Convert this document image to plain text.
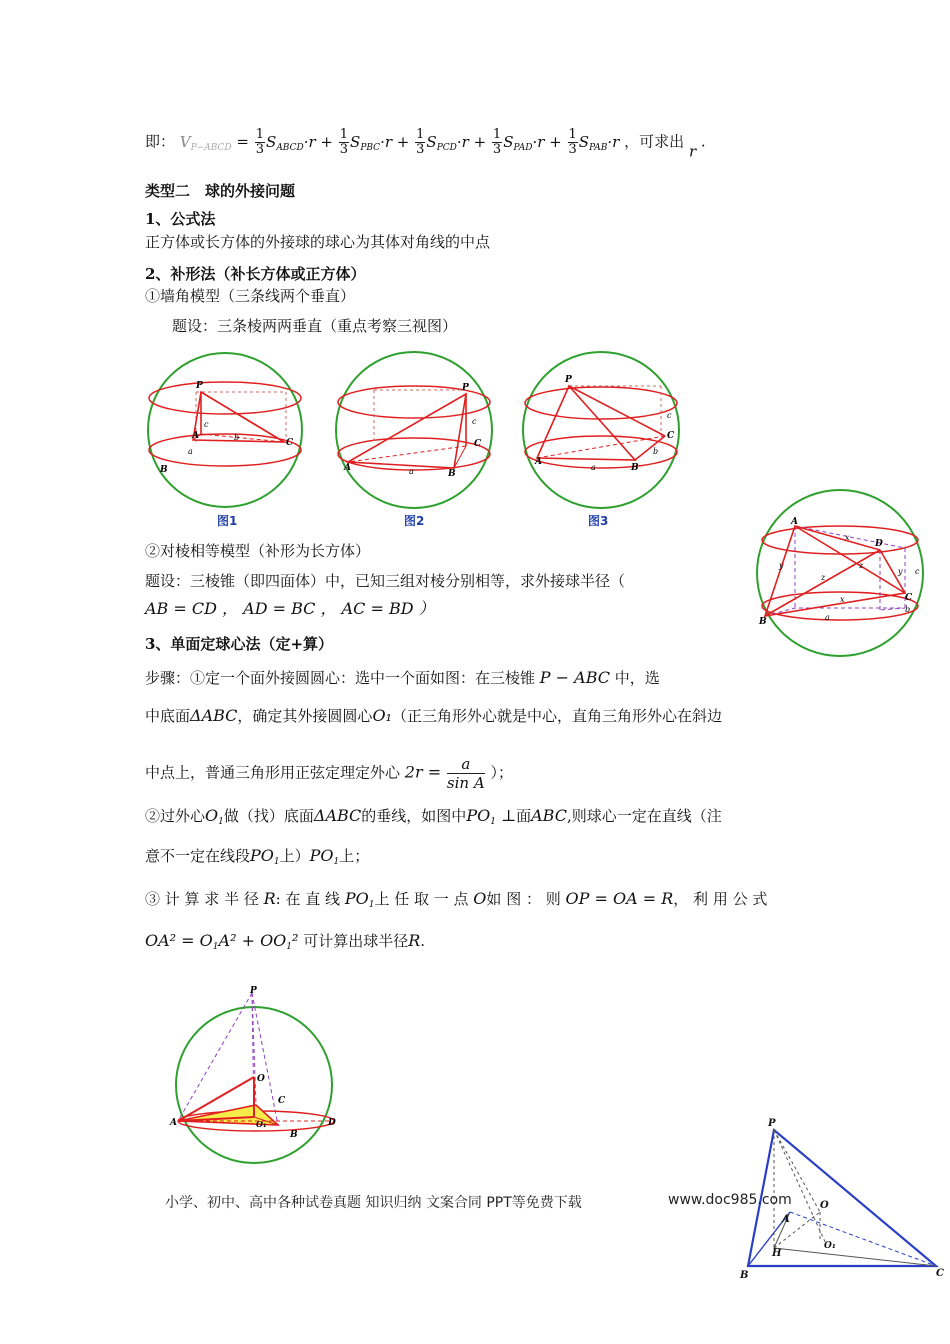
即： $V_{P-ABCD} = \frac{1}{3} S_{ABCD}\cdot r + \frac{1}{3} S_{PBC}\cdot r + \frac{1}{3} S_{PCD}\cdot r + \frac{1}{3} S_{PAD}\cdot r + \frac{1}{3} S_{PAB}\cdot r$ ，可求出 r .
类型二　球的外接问题
1、公式法
正方体或长方体的外接球的球心为其体对角线的中点
2、补形法（补长方体或正方体）
①墙角模型（三条线两个垂直）
题设：三条棱两两垂直（重点考察三视图）
P
A
B
C
a
b
c
图1
P
A
B
C
a
c
图2
P
A
B
C
a
b
c
图3	A
B
C
D
x
x
y
y
z
z
c
a
b
②对棱相等模型（补形为长方体）
题设：三棱锥（即四面体）中，已知三组对棱分别相等，求外接球半径（
AB = CD ， AD = BC ， AC = BD ）
3、单面定球心法（定+算）
步骤：①定一个面外接圆圆心：选中一个面如图：在三棱锥 P − ABC 中，选
中底面ΔABC，确定其外接圆圆心O₁（正三角形外心就是中心，直角三角形外心在斜边
中点上，普通三角形用正弦定理定外心 $2r = \frac{a}{\text{sin A}}$ ）；
②过外心$O_1$做（找）底面ΔABC的垂线，如图中$PO_1$ ⊥面ABC,则球心一定在直线（注
意不一定在线段$PO_1$上）$PO_1$上；
③ 计 算 求 半 径 R: 在 直 线 $PO_1$上 任 取 一 点 O如 图 ： 则 OP = OA = R， 利 用 公 式
$OA^2 = O_1A^2 + OO_1^2$ 可计算出球半径R.
P
O
O₁
A
B
C
D	P
A
B	C
O
O₁
H
小学、初中、高中各种试卷真题 知识归纳 文案合同 PPT等免费下载	www.doc985.com
